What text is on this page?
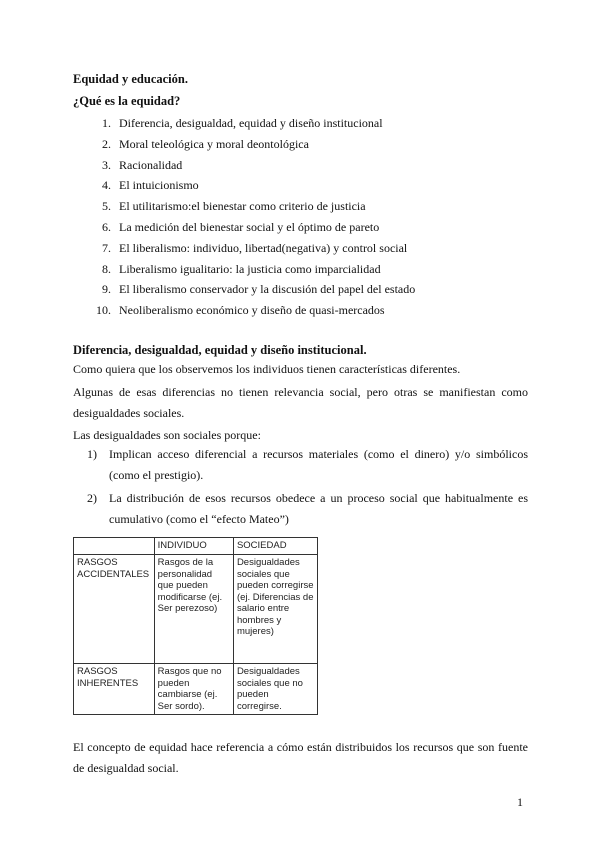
Equidad y educación.
¿Qué es la equidad?
1. Diferencia, desigualdad, equidad y diseño institucional
2. Moral teleológica y moral deontológica
3. Racionalidad
4. El intuicionismo
5. El utilitarismo:el bienestar como criterio de justicia
6. La medición del bienestar social y el óptimo de pareto
7. El liberalismo: individuo, libertad(negativa) y control social
8. Liberalismo igualitario: la justicia como imparcialidad
9. El liberalismo conservador y la discusión del papel del estado
10. Neoliberalismo económico y diseño de quasi-mercados
Diferencia, desigualdad, equidad y diseño institucional.
Como quiera que los observemos los individuos tienen características diferentes.
Algunas de esas diferencias no tienen relevancia social, pero otras se manifiestan como desigualdades sociales.
Las desigualdades son sociales porque:
1) Implican acceso diferencial a recursos materiales (como el dinero) y/o simbólicos (como el prestigio).
2) La distribución de esos recursos obedece a un proceso social que habitualmente es cumulativo (como el “efecto Mateo”)
	INDIVIDUO	SOCIEDAD
RASGOS ACCIDENTALES	Rasgos de la personalidad que pueden modificarse (ej. Ser perezoso)	Desigualdades sociales que pueden corregirse (ej. Diferencias de salario entre hombres y mujeres)
RASGOS INHERENTES	Rasgos que no pueden cambiarse (ej. Ser sordo).	Desigualdades sociales que no pueden corregirse.
El concepto de equidad hace referencia a cómo están distribuidos los recursos que son fuente de desigualdad social.
1
